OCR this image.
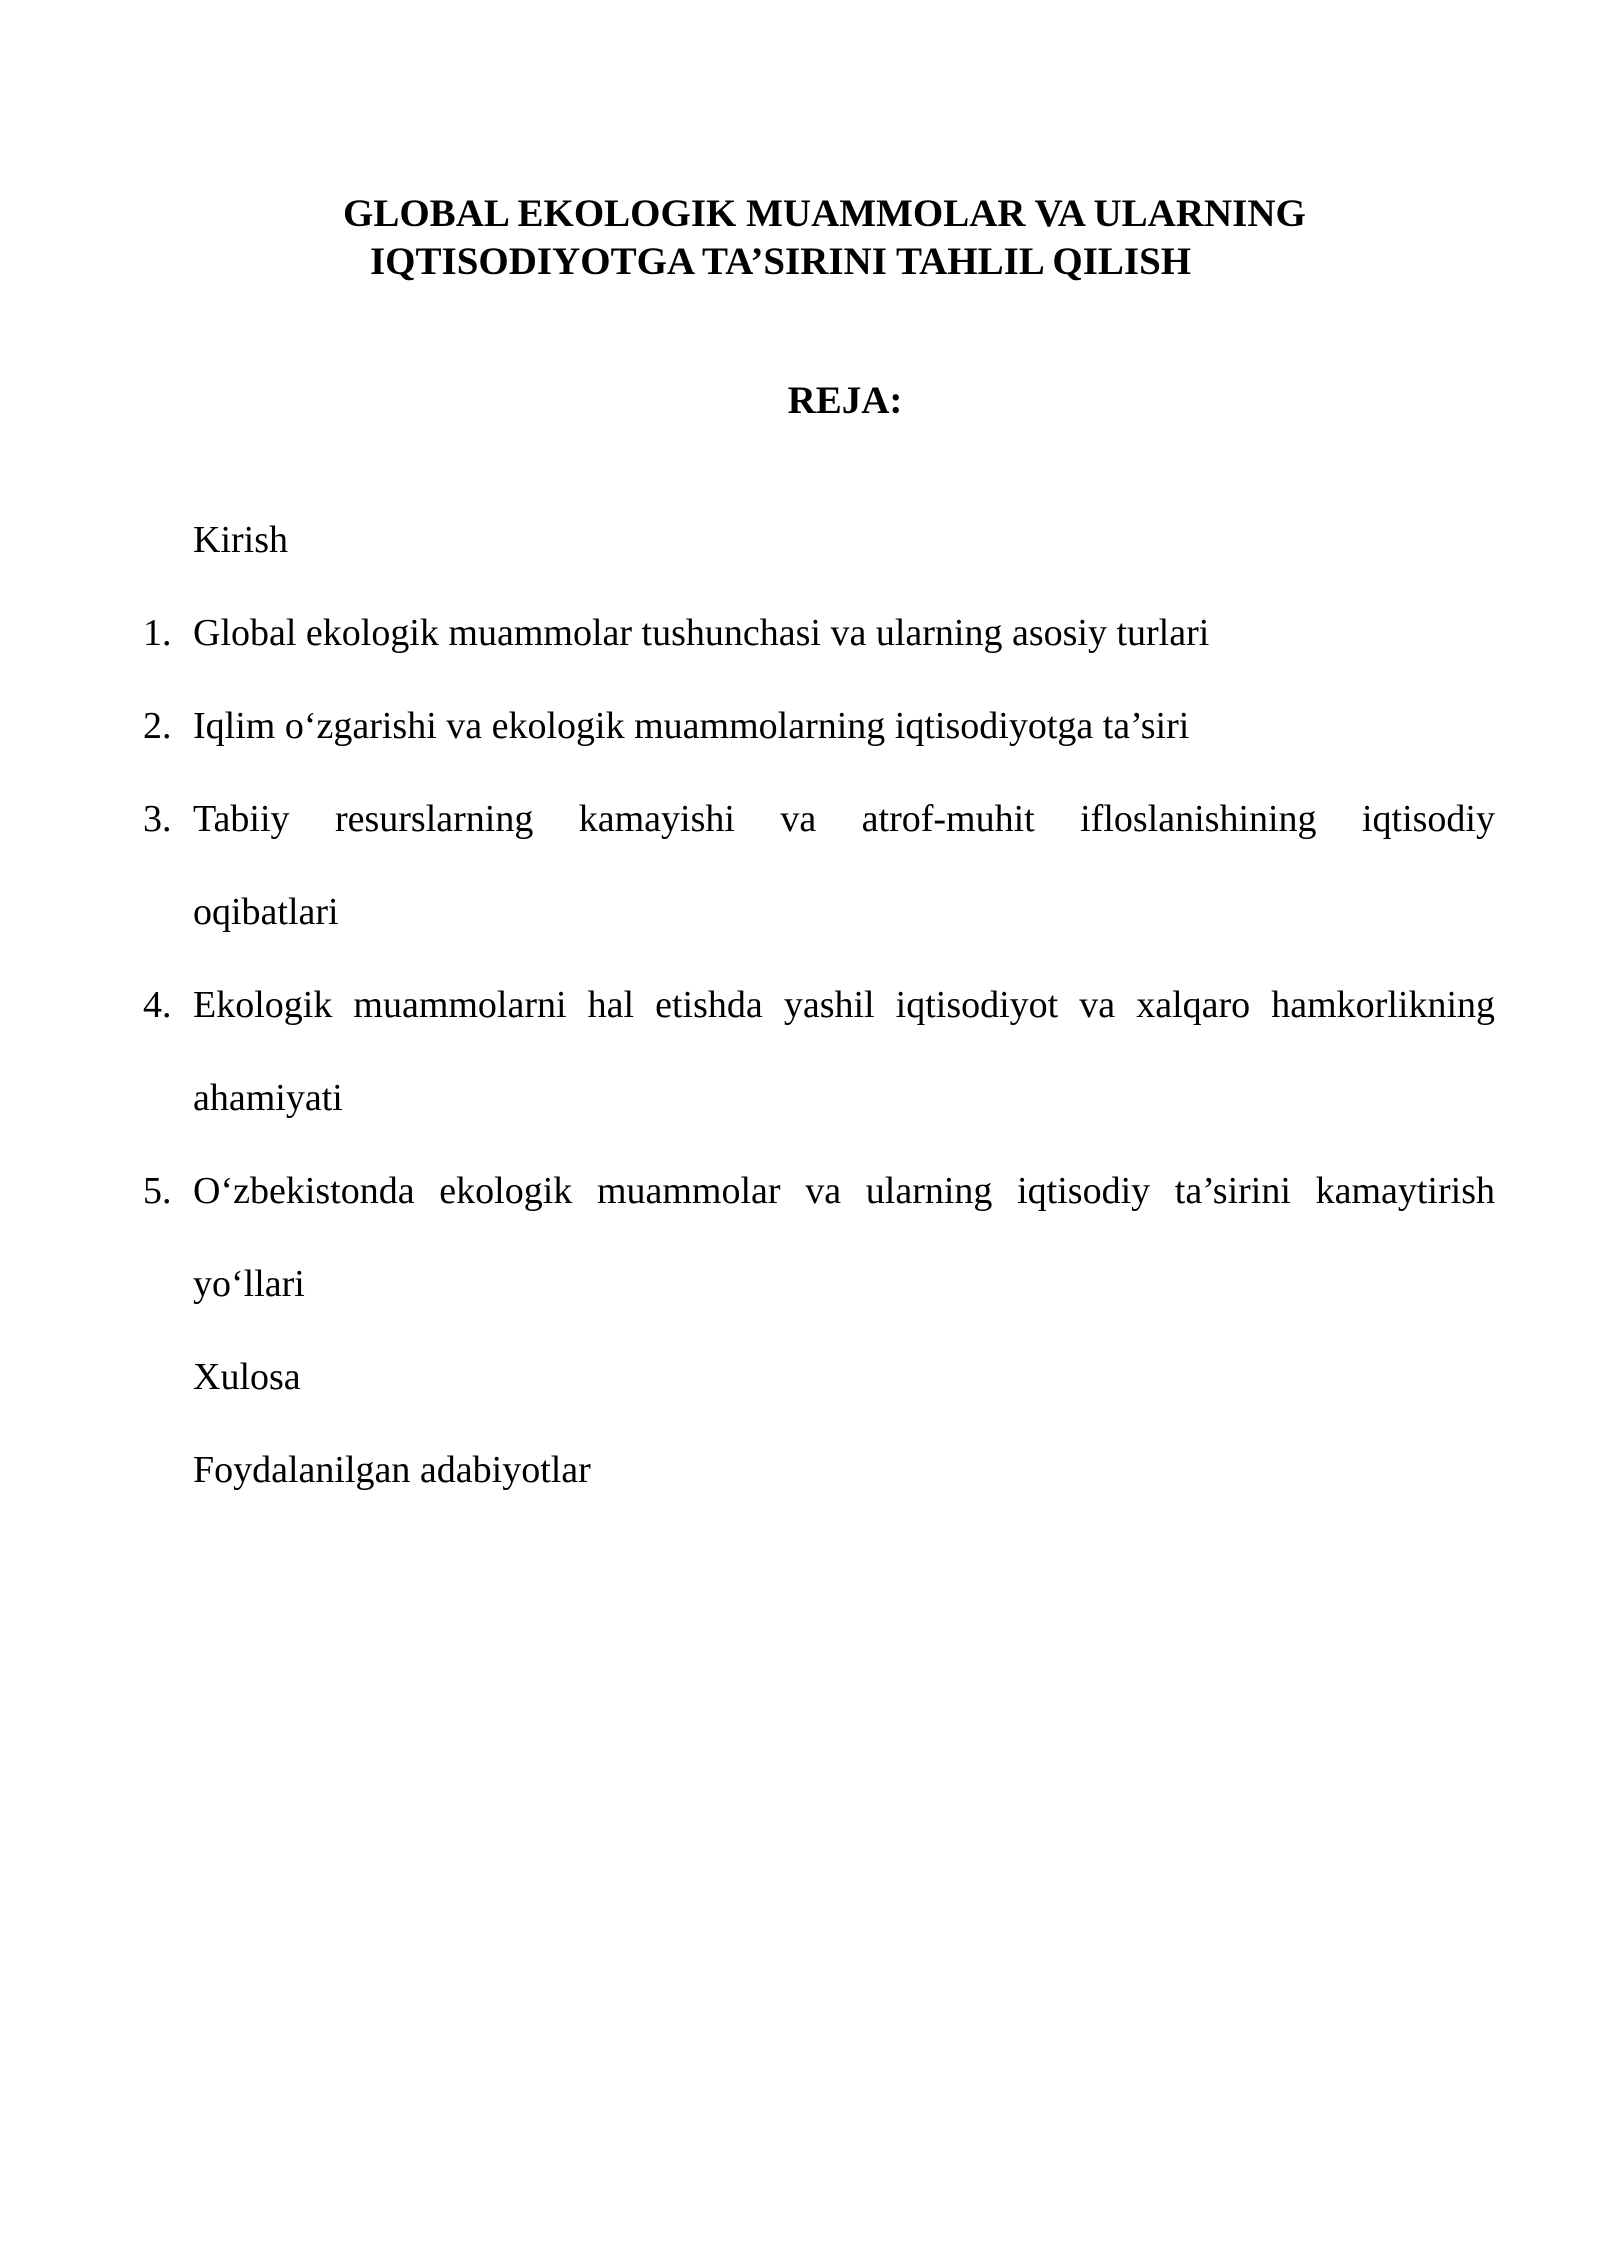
GLOBAL EKOLOGIK MUAMMOLAR VA ULARNING
IQTISODIYOTGA TA’SIRINI TAHLIL QILISH
REJA:
Kirish
1. Global ekologik muammolar tushunchasi va ularning asosiy turlari
2. Iqlim o‘zgarishi va ekologik muammolarning iqtisodiyotga ta’siri
3. Tabiiy resurslarning kamayishi va atrof-muhit ifloslanishining iqtisodiy
oqibatlari
4. Ekologik muammolarni hal etishda yashil iqtisodiyot va xalqaro hamkorlikning
ahamiyati
5. O‘zbekistonda ekologik muammolar va ularning iqtisodiy ta’sirini kamaytirish
yo‘llari
Xulosa
Foydalanilgan adabiyotlar
